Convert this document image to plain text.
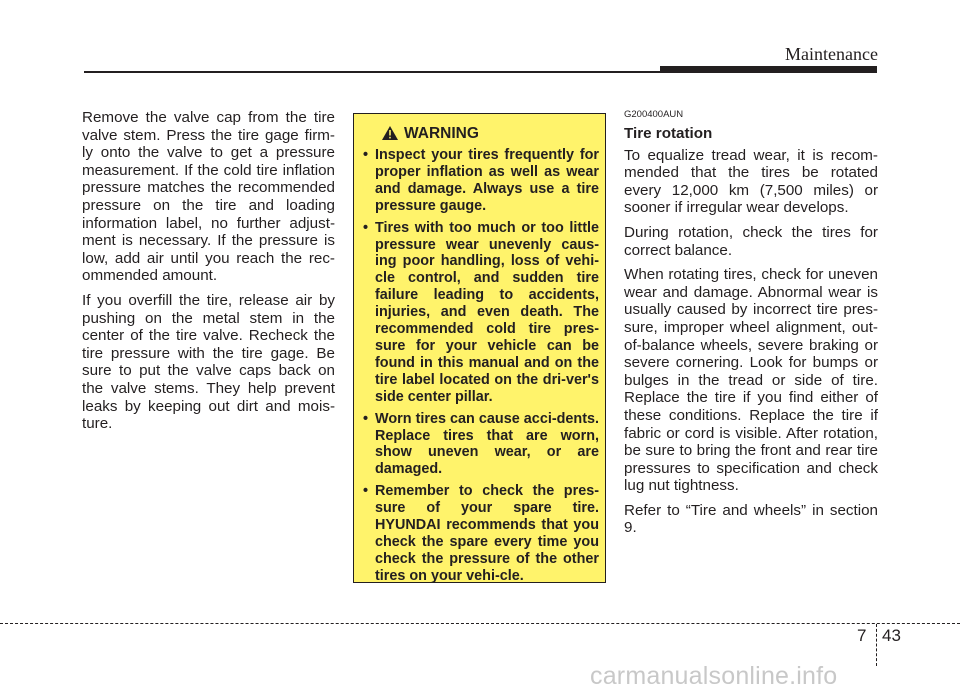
Maintenance

Remove the valve cap from the tire valve stem. Press the tire gage firm-ly onto the valve to get a pressure measurement. If the cold tire inflation pressure matches the recommended pressure on the tire and loading information label, no further adjust-ment is necessary. If the pressure is low, add air until you reach the rec-ommended amount.

If you overfill the tire, release air by pushing on the metal stem in the center of the tire valve. Recheck the tire pressure with the tire gage. Be sure to put the valve caps back on the valve stems. They help prevent leaks by keeping out dirt and mois-ture.

WARNING
• Inspect your tires frequently for proper inflation as well as wear and damage. Always use a tire pressure gauge.
• Tires with too much or too little pressure wear unevenly caus-ing poor handling, loss of vehi-cle control, and sudden tire failure leading to accidents, injuries, and even death. The recommended cold tire pres-sure for your vehicle can be found in this manual and on the tire label located on the dri-ver's side center pillar.
• Worn tires can cause acci-dents. Replace tires that are worn, show uneven wear, or are damaged.
• Remember to check the pres-sure of your spare tire. HYUNDAI recommends that you check the spare every time you check the pressure of the other tires on your vehi-cle.

G200400AUN

Tire rotation

To equalize tread wear, it is recom-mended that the tires be rotated every 12,000 km (7,500 miles) or sooner if irregular wear develops.

During rotation, check the tires for correct balance.

When rotating tires, check for uneven wear and damage. Abnormal wear is usually caused by incorrect tire pres-sure, improper wheel alignment, out-of-balance wheels, severe braking or severe cornering. Look for bumps or bulges in the tread or side of tire. Replace the tire if you find either of these conditions. Replace the tire if fabric or cord is visible. After rotation, be sure to bring the front and rear tire pressures to specification and check lug nut tightness.

Refer to “Tire and wheels” in section 9.

7 43
carmanualsonline.info
